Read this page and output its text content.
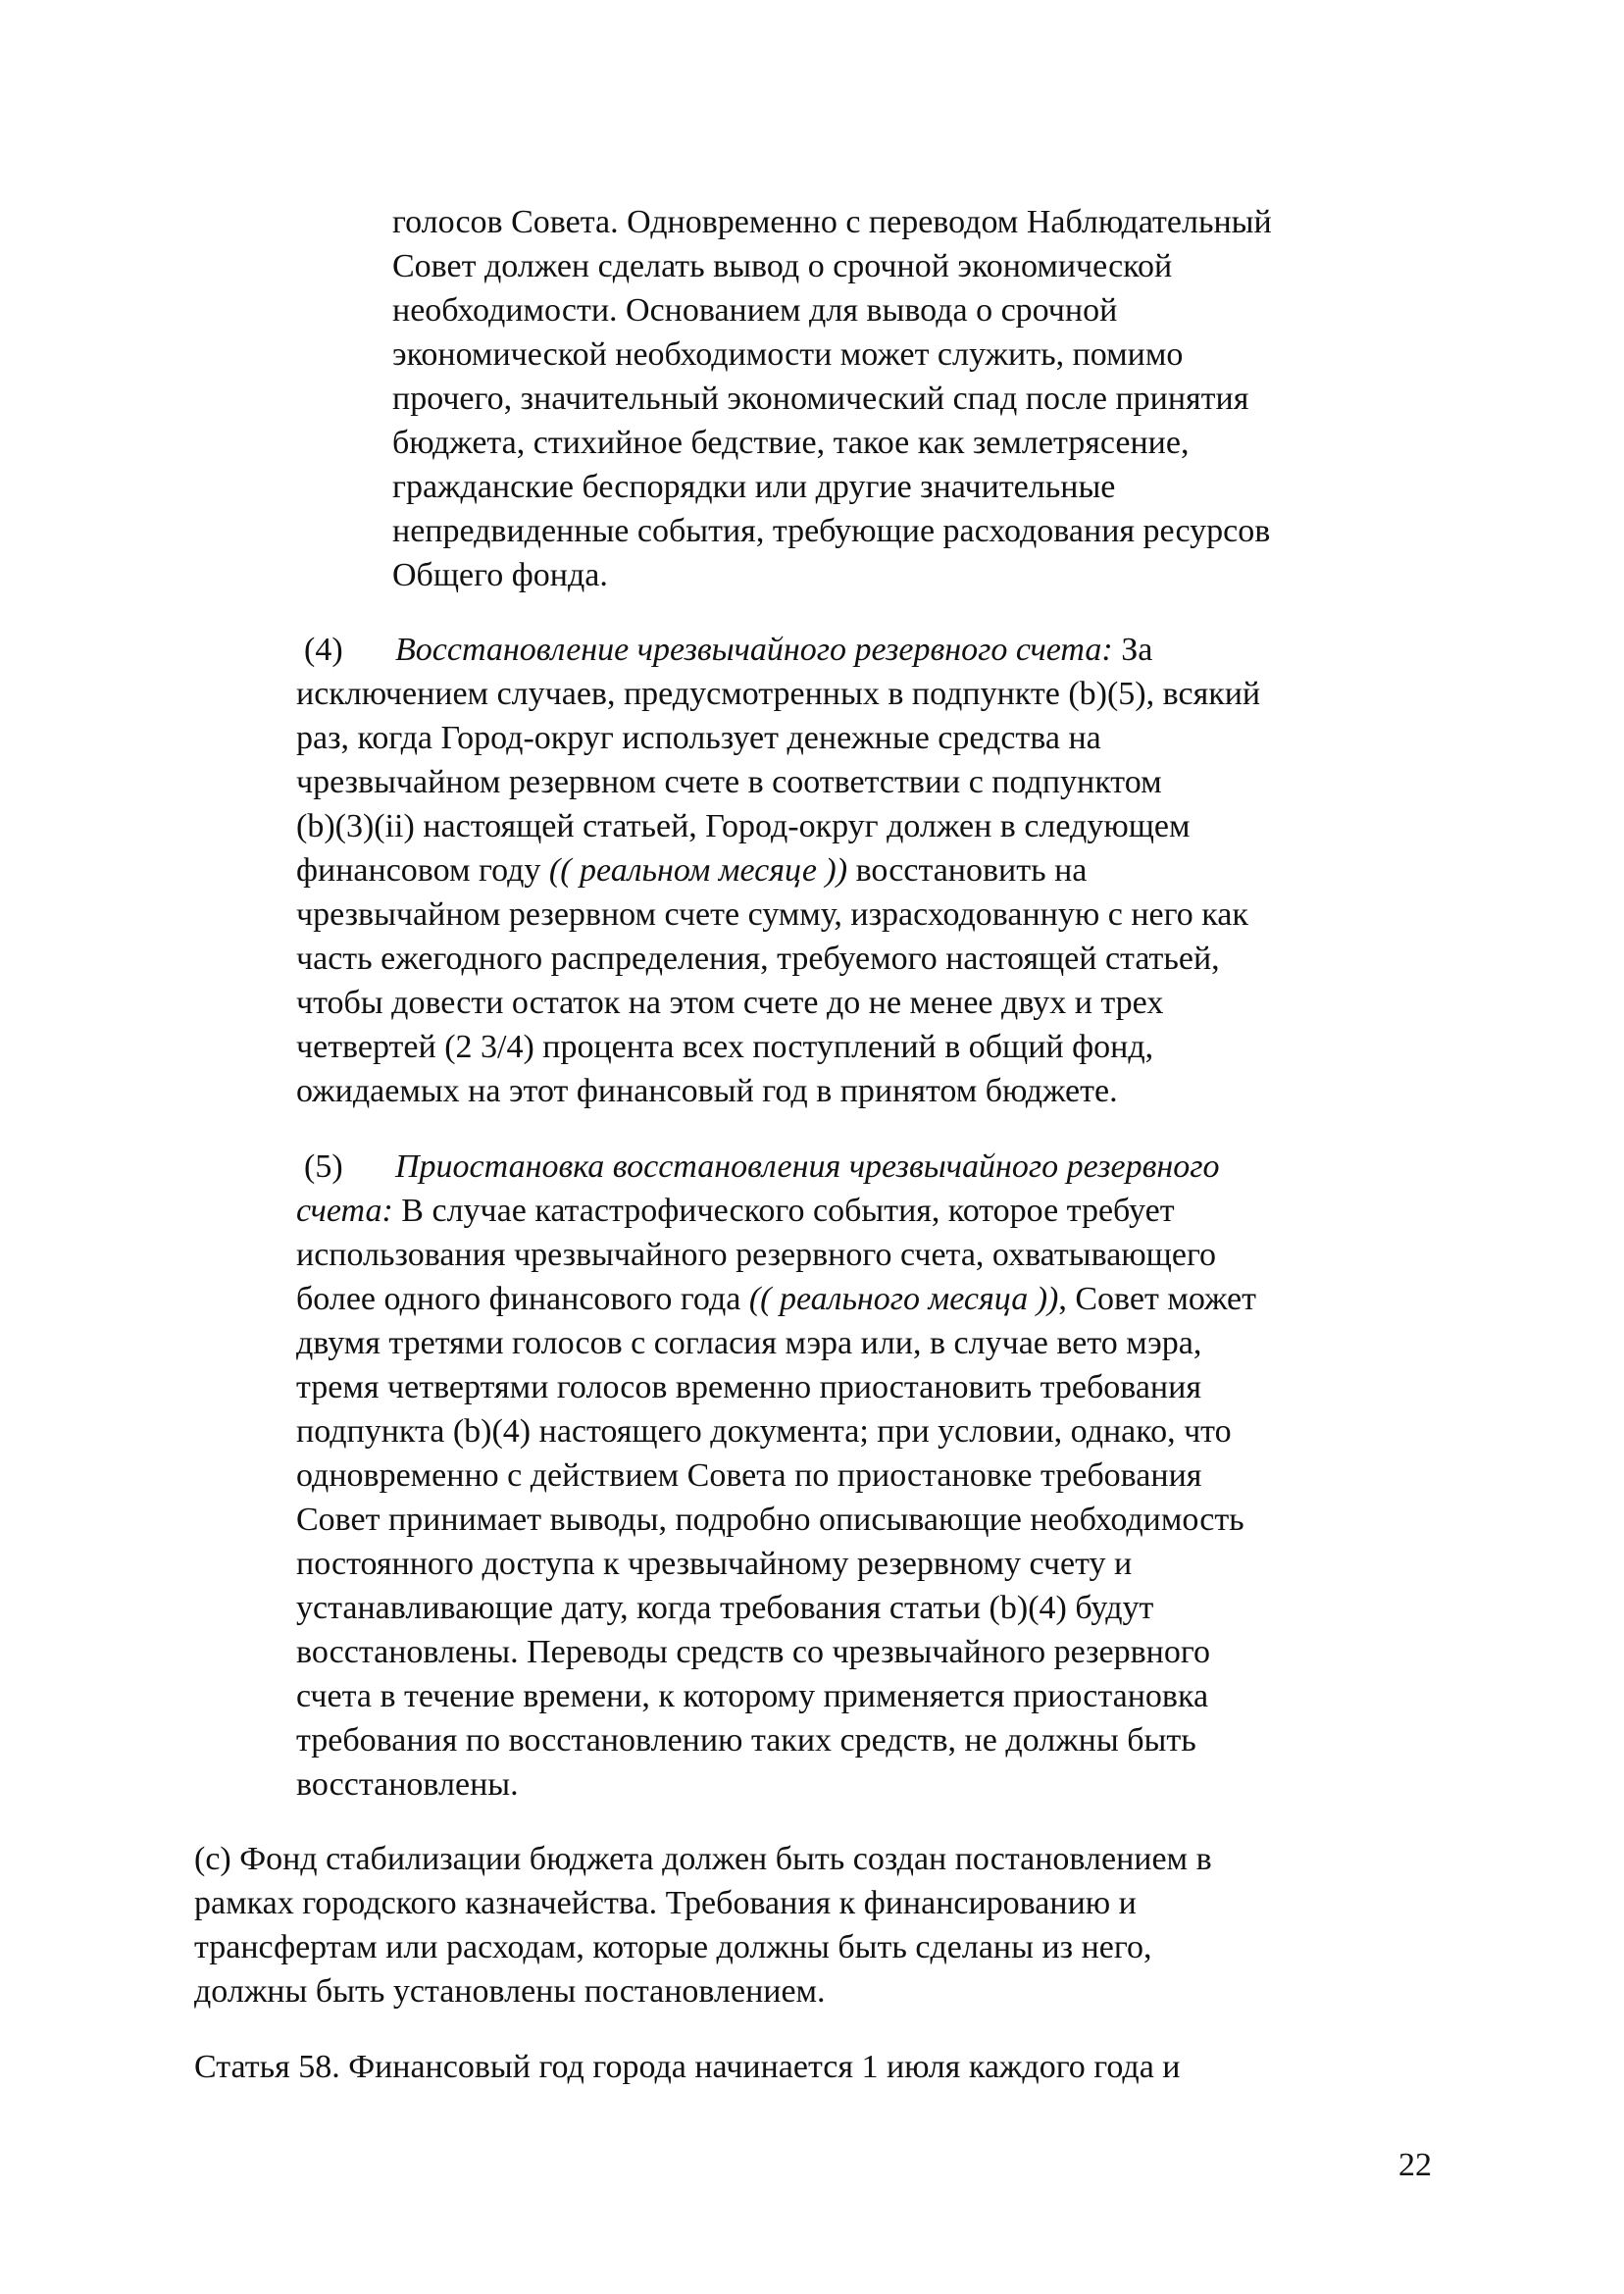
голосов Совета. Одновременно с переводом Наблюдательный
Совет должен сделать вывод о срочной экономической
необходимости. Основанием для вывода о срочной
экономической необходимости может служить, помимо
прочего, значительный экономический спад после принятия
бюджета, стихийное бедствие, такое как землетрясение,
гражданские беспорядки или другие значительные
непредвиденные события, требующие расходования ресурсов
Общего фонда.
(4) Восстановление чрезвычайного резервного счета: За
исключением случаев, предусмотренных в подпункте (b)(5), всякий
раз, когда Город-округ использует денежные средства на
чрезвычайном резервном счете в соответствии с подпунктом
(b)(3)(ii) настоящей статьей, Город-округ должен в следующем
финансовом году (( реальном месяце )) восстановить на
чрезвычайном резервном счете сумму, израсходованную с него как
часть ежегодного распределения, требуемого настоящей статьей,
чтобы довести остаток на этом счете до не менее двух и трех
четвертей (2 3/4) процента всех поступлений в общий фонд,
ожидаемых на этот финансовый год в принятом бюджете.
(5) Приостановка восстановления чрезвычайного резервного
счета: В случае катастрофического события, которое требует
использования чрезвычайного резервного счета, охватывающего
более одного финансового года (( реального месяца )), Совет может
двумя третями голосов с согласия мэра или, в случае вето мэра,
тремя четвертями голосов временно приостановить требования
подпункта (b)(4) настоящего документа; при условии, однако, что
одновременно с действием Совета по приостановке требования
Совет принимает выводы, подробно описывающие необходимость
постоянного доступа к чрезвычайному резервному счету и
устанавливающие дату, когда требования статьи (b)(4) будут
восстановлены. Переводы средств со чрезвычайного резервного
счета в течение времени, к которому применяется приостановка
требования по восстановлению таких средств, не должны быть
восстановлены.
(c) Фонд стабилизации бюджета должен быть создан постановлением в
рамках городского казначейства. Требования к финансированию и
трансфертам или расходам, которые должны быть сделаны из него,
должны быть установлены постановлением.
Статья 58. Финансовый год города начинается 1 июля каждого года и
22
